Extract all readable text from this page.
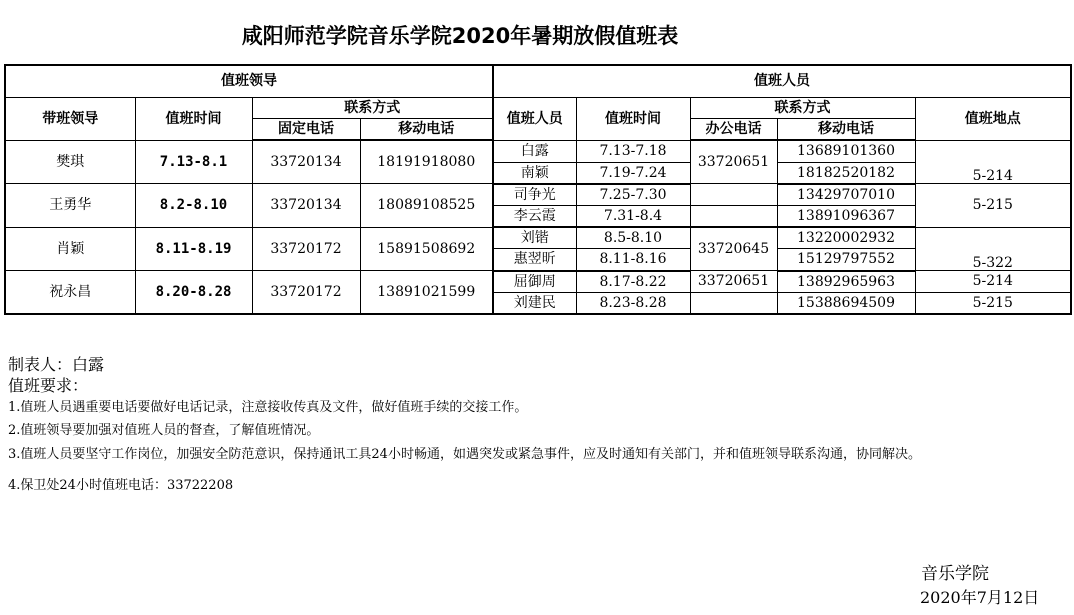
咸阳师范学院音乐学院2020年暑期放假值班表
值班领导				值班人员				
带班领导	值班时间	联系方式		值班人员	值班时间	联系方式		值班地点
		固定电话	移动电话			办公电话	移动电话	
樊琪	7.13-8.1	33720134	18191918080	白露	7.13-7.18	33720651	13689101360	5-214
				南颖	7.19-7.24		18182520182	
王勇华	8.2-8.10	33720134	18089108525	司争光	7.25-7.30		13429707010	5-215
				李云霞	7.31-8.4		13891096367	
肖颖	8.11-8.19	33720172	15891508692	刘锴	8.5-8.10	33720645	13220002932	5-322
				惠翌昕	8.11-8.16		15129797552	
祝永昌	8.20-8.28	33720172	13891021599	屈御周	8.17-8.22	33720651	13892965963	5-214
				刘建民	8.23-8.28		15388694509	5-215
制表人：白露
值班要求：
1.值班人员遇重要电话要做好电话记录，注意接收传真及文件，做好值班手续的交接工作。
2.值班领导要加强对值班人员的督查，了解值班情况。
3.值班人员要坚守工作岗位，加强安全防范意识，保持通讯工具24小时畅通，如遇突发或紧急事件，应及时通知有关部门，并和值班领导联系沟通，协同解决。
4.保卫处24小时值班电话：33722208
音乐学院
2020年7月12日
